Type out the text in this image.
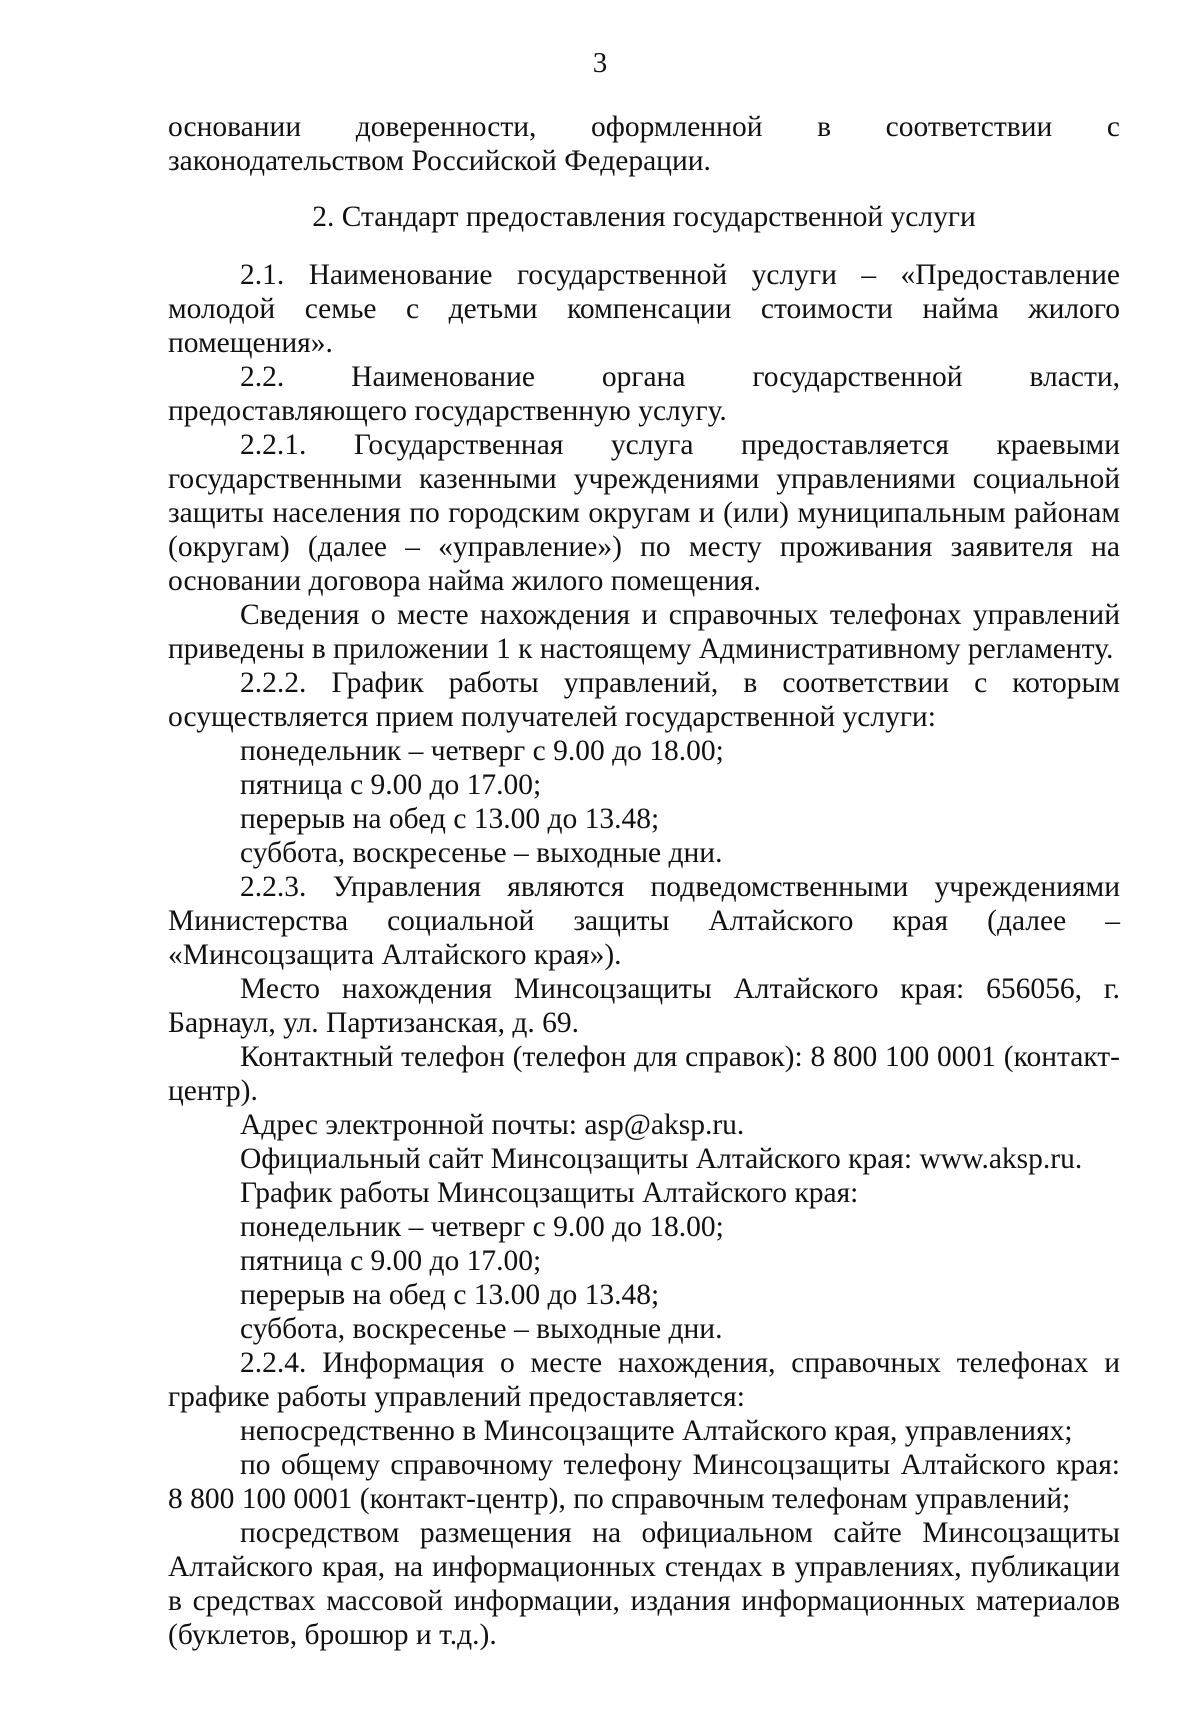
3

основании доверенности, оформленной в соответствии с законодательством Российской Федерации.

2. Стандарт предоставления государственной услуги

2.1. Наименование государственной услуги – «Предоставление молодой семье с детьми компенсации стоимости найма жилого помещения».

2.2. Наименование органа государственной власти, предоставляющего государственную услугу.

2.2.1. Государственная услуга предоставляется краевыми государственными казенными учреждениями управлениями социальной защиты населения по городским округам и (или) муниципальным районам (округам) (далее – «управление») по месту проживания заявителя на основании договора найма жилого помещения.

Сведения о месте нахождения и справочных телефонах управлений приведены в приложении 1 к настоящему Административному регламенту.

2.2.2. График работы управлений, в соответствии с которым осуществляется прием получателей государственной услуги:

понедельник – четверг с 9.00 до 18.00;

пятница с 9.00 до 17.00;

перерыв на обед с 13.00 до 13.48;

суббота, воскресенье – выходные дни.

2.2.3. Управления являются подведомственными учреждениями Министерства социальной защиты Алтайского края (далее – «Минсоцзащита Алтайского края»).

Место нахождения Минсоцзащиты Алтайского края: 656056, г. Барнаул, ул. Партизанская, д. 69.

Контактный телефон (телефон для справок): 8 800 100 0001 (контакт-центр).

Адрес электронной почты: asp@aksp.ru.

Официальный сайт Минсоцзащиты Алтайского края: www.aksp.ru.

График работы Минсоцзащиты Алтайского края:

понедельник – четверг с 9.00 до 18.00;

пятница с 9.00 до 17.00;

перерыв на обед с 13.00 до 13.48;

суббота, воскресенье – выходные дни.

2.2.4. Информация о месте нахождения, справочных телефонах и графике работы управлений предоставляется:

непосредственно в Минсоцзащите Алтайского края, управлениях;

по общему справочному телефону Минсоцзащиты Алтайского края: 8 800 100 0001 (контакт-центр), по справочным телефонам управлений;

посредством размещения на официальном сайте Минсоцзащиты Алтайского края, на информационных стендах в управлениях, публикации в средствах массовой информации, издания информационных материалов (буклетов, брошюр и т.д.).
